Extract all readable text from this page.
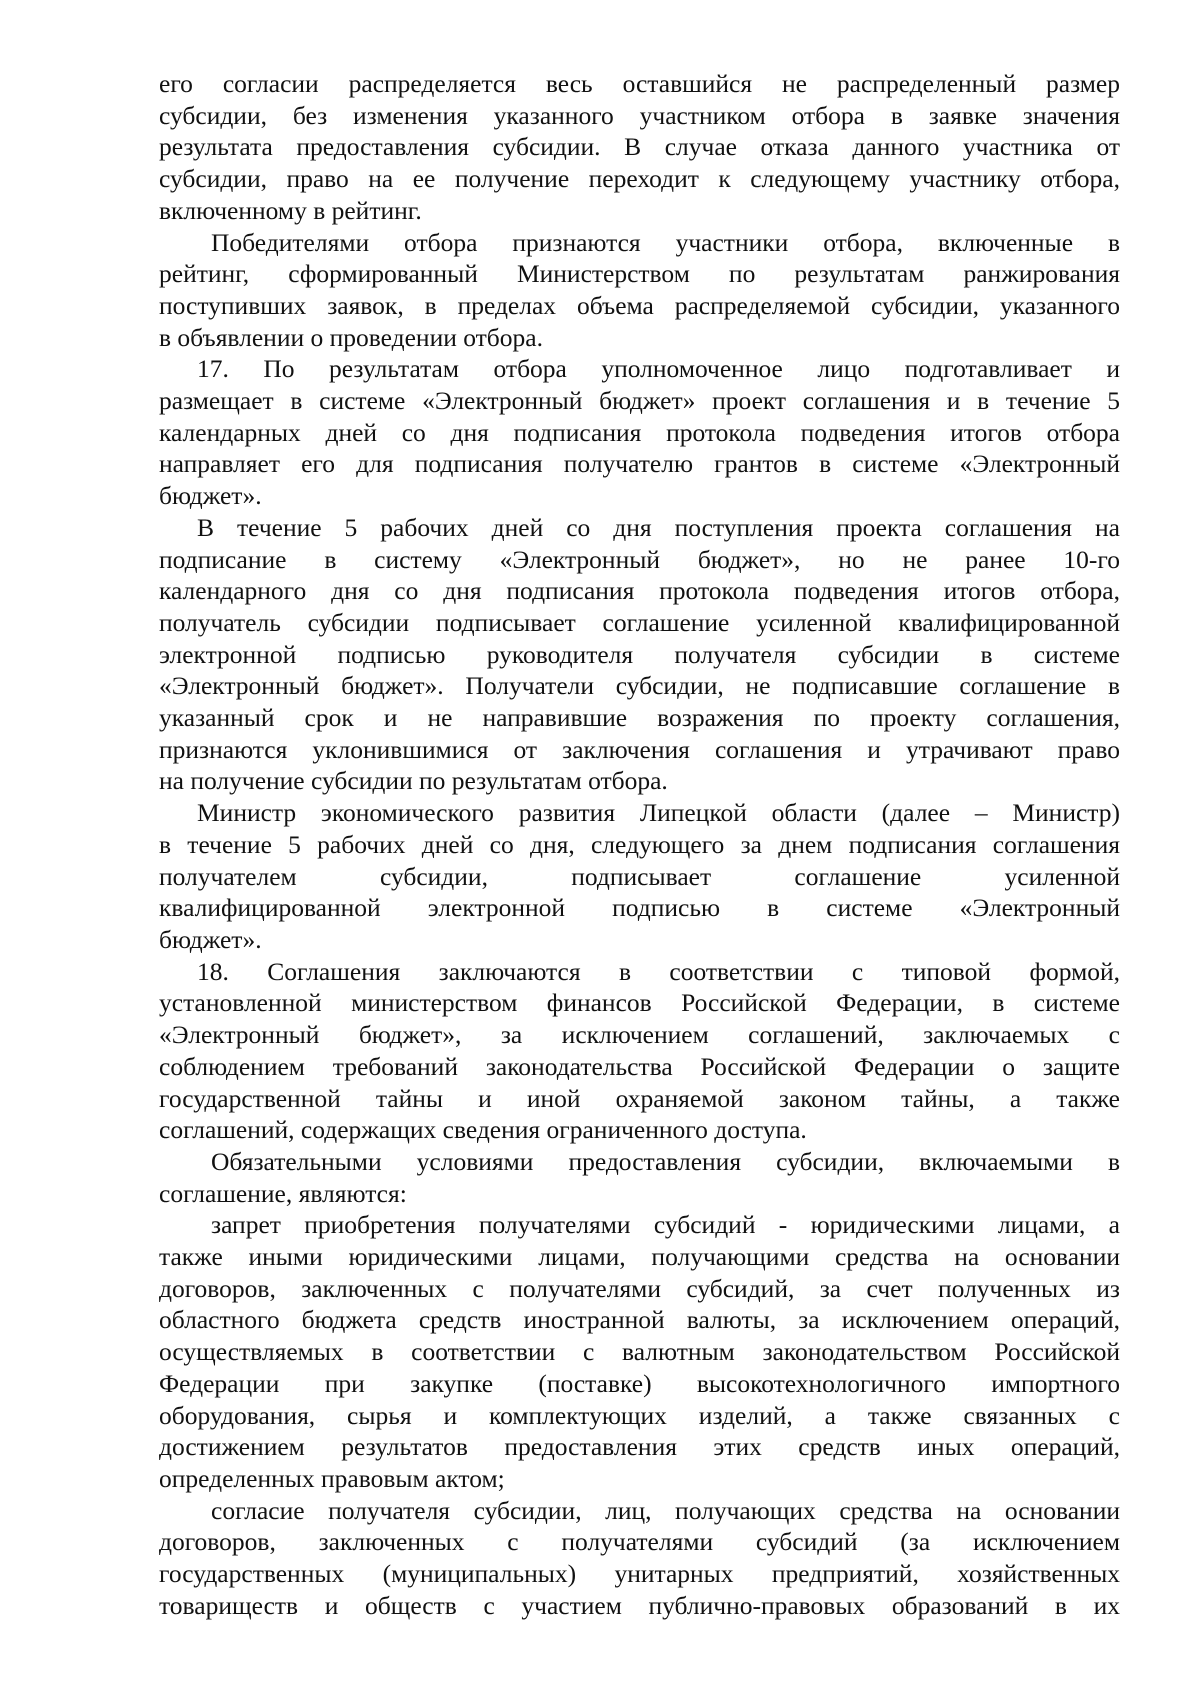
его согласии распределяется весь оставшийся не распределенный размер
субсидии, без изменения указанного участником отбора в заявке значения
результата предоставления субсидии. В случае отказа данного участника от
субсидии, право на ее получение переходит к следующему участнику отбора,
включенному в рейтинг.
Победителями отбора признаются участники отбора, включенные в
рейтинг, сформированный Министерством по результатам ранжирования
поступивших заявок, в пределах объема распределяемой субсидии, указанного
в объявлении о проведении отбора.
17. По результатам отбора уполномоченное лицо подготавливает и
размещает в системе «Электронный бюджет» проект соглашения и в течение 5
календарных дней со дня подписания протокола подведения итогов отбора
направляет его для подписания получателю грантов в системе «Электронный
бюджет».
В течение 5 рабочих дней со дня поступления проекта соглашения на
подписание в систему «Электронный бюджет», но не ранее 10-го
календарного дня со дня подписания протокола подведения итогов отбора,
получатель субсидии подписывает соглашение усиленной квалифицированной
электронной подписью руководителя получателя субсидии в системе
«Электронный бюджет». Получатели субсидии, не подписавшие соглашение в
указанный срок и не направившие возражения по проекту соглашения,
признаются уклонившимися от заключения соглашения и утрачивают право
на получение субсидии по результатам отбора.
Министр экономического развития Липецкой области (далее – Министр)
в течение 5 рабочих дней со дня, следующего за днем подписания соглашения
получателем субсидии, подписывает соглашение усиленной
квалифицированной электронной подписью в системе «Электронный
бюджет».
18. Соглашения заключаются в соответствии с типовой формой,
установленной министерством финансов Российской Федерации, в системе
«Электронный бюджет», за исключением соглашений, заключаемых с
соблюдением требований законодательства Российской Федерации о защите
государственной тайны и иной охраняемой законом тайны, а также
соглашений, содержащих сведения ограниченного доступа.
Обязательными условиями предоставления субсидии, включаемыми в
соглашение, являются:
запрет приобретения получателями субсидий - юридическими лицами, а
также иными юридическими лицами, получающими средства на основании
договоров, заключенных с получателями субсидий, за счет полученных из
областного бюджета средств иностранной валюты, за исключением операций,
осуществляемых в соответствии с валютным законодательством Российской
Федерации при закупке (поставке) высокотехнологичного импортного
оборудования, сырья и комплектующих изделий, а также связанных с
достижением результатов предоставления этих средств иных операций,
определенных правовым актом;
согласие получателя субсидии, лиц, получающих средства на основании
договоров, заключенных с получателями субсидий (за исключением
государственных (муниципальных) унитарных предприятий, хозяйственных
товариществ и обществ с участием публично-правовых образований в их
